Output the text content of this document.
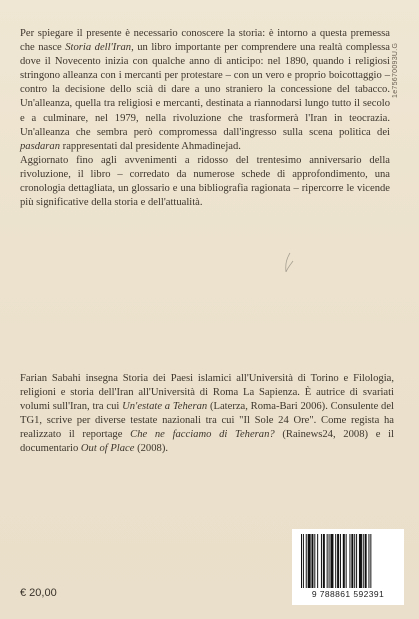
1e75670093U.G

Per spiegare il presente è necessario conoscere la storia: è intorno a questa premessa che nasce Storia dell'Iran, un libro importante per comprendere una realtà complessa dove il Novecento inizia con qualche anno di anticipo: nel 1890, quando i religiosi stringono alleanza con i mercanti per protestare – con un vero e proprio boicottaggio – contro la decisione dello scià di dare a uno straniero la concessione del tabacco. Un'alleanza, quella tra religiosi e mercanti, destinata a riannodarsi lungo tutto il secolo e a culminare, nel 1979, nella rivoluzione che trasformerà l'Iran in teocrazia. Un'alleanza che sembra però compromessa dall'ingresso sulla scena politica dei pasdaran rappresentati dal presidente Ahmadinejad.

Aggiornato fino agli avvenimenti a ridosso del trentesimo anniversario della rivoluzione, il libro – corredato da numerose schede di approfondimento, una cronologia dettagliata, un glossario e una bibliografia ragionata – ripercorre le vicende più significative della storia e dell'attualità.

Farian Sabahi insegna Storia dei Paesi islamici all'Università di Torino e Filologia, religioni e storia dell'Iran all'Università di Roma La Sapienza. È autrice di svariati volumi sull'Iran, tra cui Un'estate a Teheran (Laterza, Roma-Bari 2006). Consulente del TG1, scrive per diverse testate nazionali tra cui "Il Sole 24 Ore". Come regista ha realizzato il reportage Che ne facciamo di Teheran? (Rainews24, 2008) e il documentario Out of Place (2008).

€ 20,00	9 788861 592391
